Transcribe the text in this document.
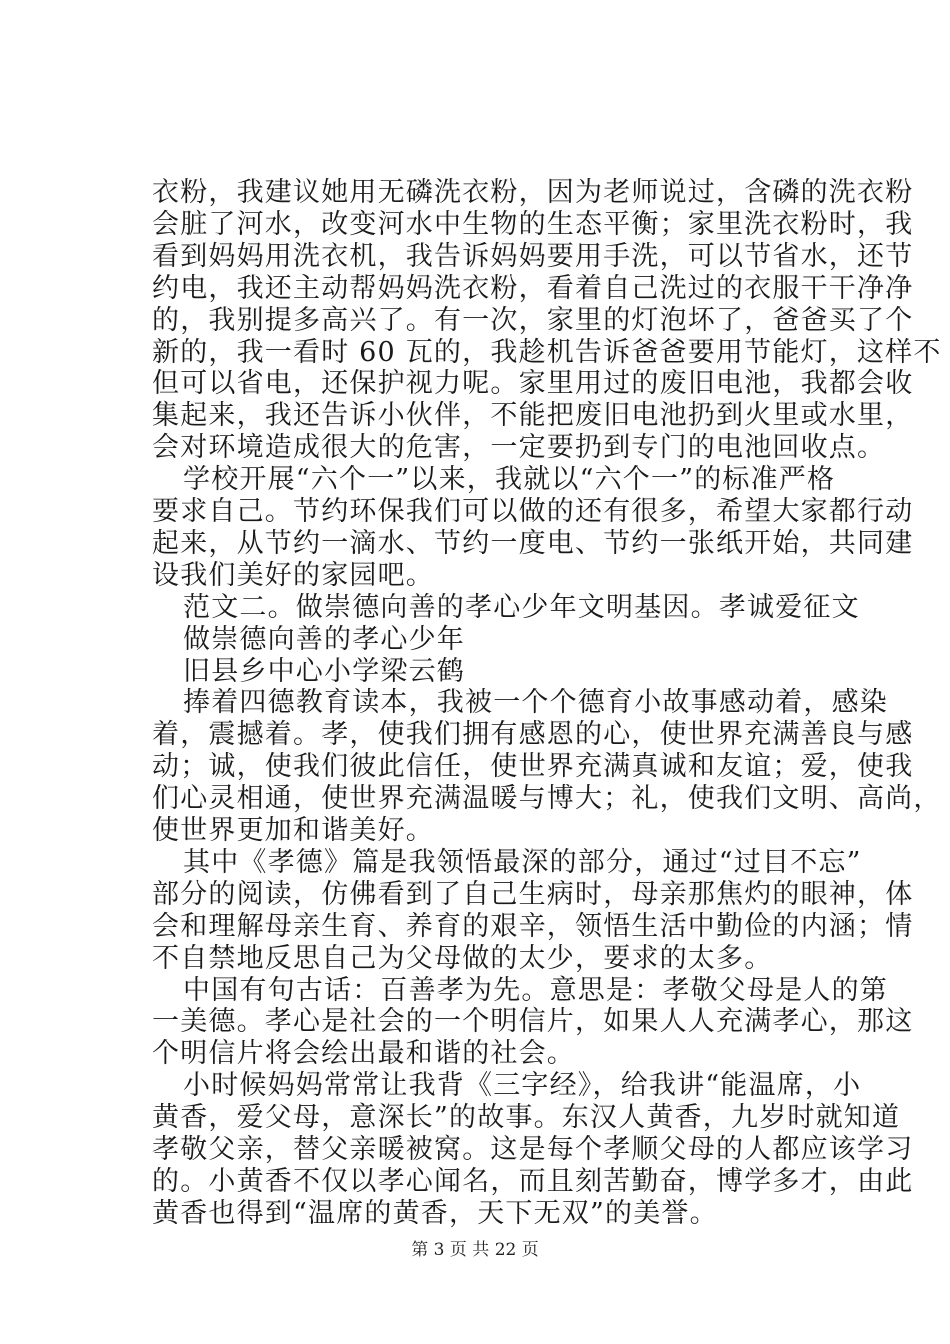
衣粉，我建议她用无磷洗衣粉，因为老师说过，含磷的洗衣粉
会脏了河水，改变河水中生物的生态平衡；家里洗衣粉时，我
看到妈妈用洗衣机，我告诉妈妈要用手洗，可以节省水，还节
约电，我还主动帮妈妈洗衣粉，看着自己洗过的衣服干干净净
的，我别提多高兴了。有一次，家里的灯泡坏了，爸爸买了个
新的，我一看时 60 瓦的，我趁机告诉爸爸要用节能灯，这样不
但可以省电，还保护视力呢。家里用过的废旧电池，我都会收
集起来，我还告诉小伙伴，不能把废旧电池扔到火里或水里，
会对环境造成很大的危害，一定要扔到专门的电池回收点。
学校开展“六个一”以来，我就以“六个一”的标准严格
要求自己。节约环保我们可以做的还有很多，希望大家都行动
起来，从节约一滴水、节约一度电、节约一张纸开始，共同建
设我们美好的家园吧。
范文二。做崇德向善的孝心少年文明基因。孝诚爱征文
做崇德向善的孝心少年
旧县乡中心小学梁云鹤
捧着四德教育读本，我被一个个德育小故事感动着，感染
着，震撼着。孝，使我们拥有感恩的心，使世界充满善良与感
动；诚，使我们彼此信任，使世界充满真诚和友谊；爱，使我
们心灵相通，使世界充满温暖与博大；礼，使我们文明、高尚，
使世界更加和谐美好。
其中《孝德》篇是我领悟最深的部分，通过“过目不忘”
部分的阅读，仿佛看到了自己生病时，母亲那焦灼的眼神，体
会和理解母亲生育、养育的艰辛，领悟生活中勤俭的内涵；情
不自禁地反思自己为父母做的太少，要求的太多。
中国有句古话：百善孝为先。意思是：孝敬父母是人的第
一美德。孝心是社会的一个明信片，如果人人充满孝心，那这
个明信片将会绘出最和谐的社会。
小时候妈妈常常让我背《三字经》，给我讲“能温席，小
黄香，爱父母，意深长”的故事。东汉人黄香，九岁时就知道
孝敬父亲，替父亲暖被窝。这是每个孝顺父母的人都应该学习
的。小黄香不仅以孝心闻名，而且刻苦勤奋，博学多才，由此
黄香也得到“温席的黄香，天下无双”的美誉。
第 3 页 共 22 页
